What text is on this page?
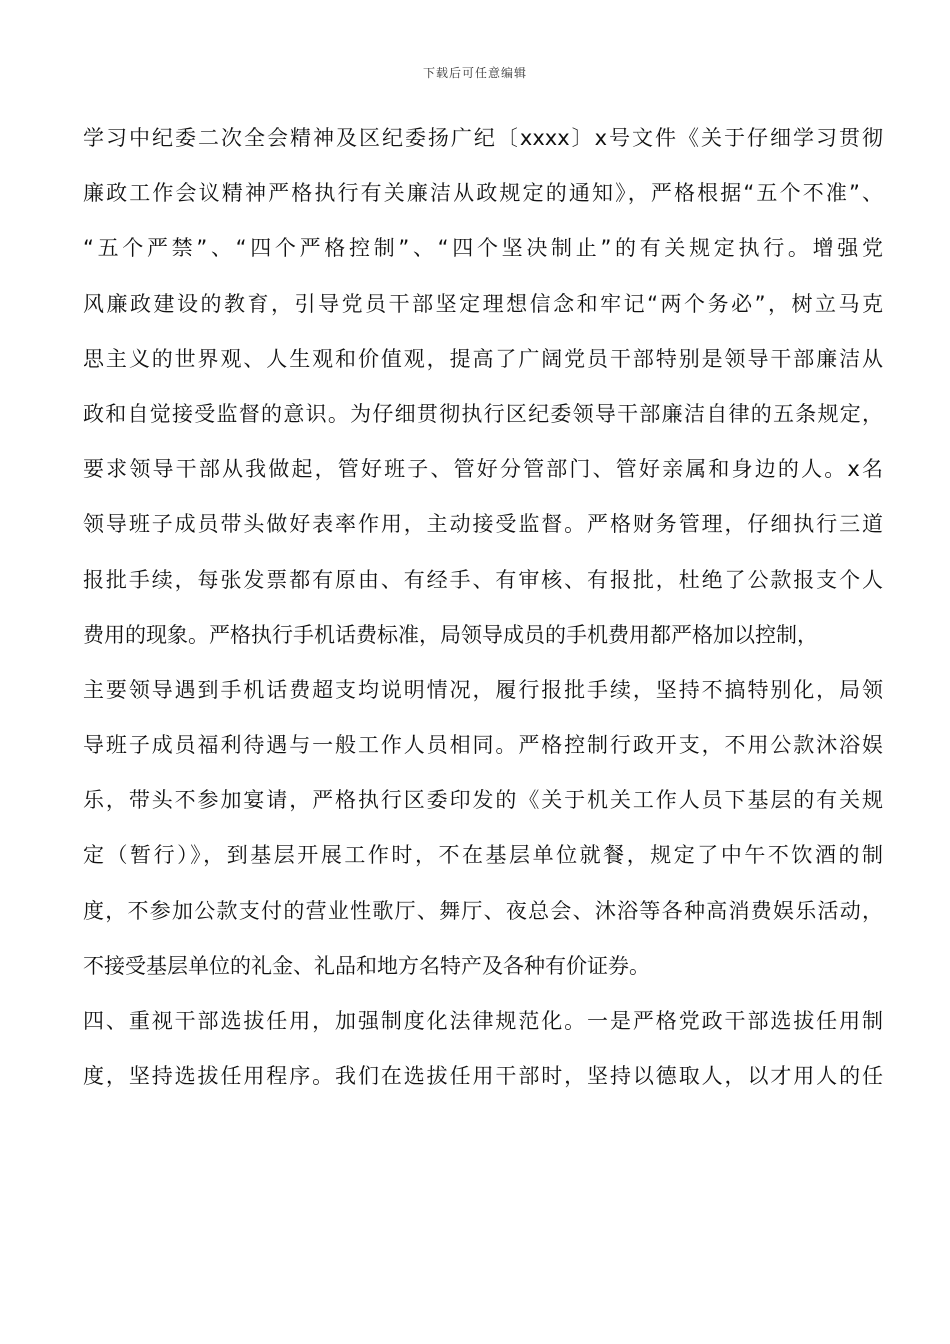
下载后可任意编辑
学习中纪委二次全会精神及区纪委扬广纪〔xxxx〕x号文件《关于仔细学习贯彻
廉政工作会议精神严格执行有关廉洁从政规定的通知》，严格根据“五个不准”、
“五个严禁”、“四个严格控制”、“四个坚决制止”的有关规定执行。增强党
风廉政建设的教育，引导党员干部坚定理想信念和牢记“两个务必”，树立马克
思主义的世界观、人生观和价值观，提高了广阔党员干部特别是领导干部廉洁从
政和自觉接受监督的意识。为仔细贯彻执行区纪委领导干部廉洁自律的五条规定，
要求领导干部从我做起，管好班子、管好分管部门、管好亲属和身边的人。x名
领导班子成员带头做好表率作用，主动接受监督。严格财务管理，仔细执行三道
报批手续，每张发票都有原由、有经手、有审核、有报批，杜绝了公款报支个人
费用的现象。严格执行手机话费标准，局领导成员的手机费用都严格加以控制，
主要领导遇到手机话费超支均说明情况，履行报批手续，坚持不搞特别化，局领
导班子成员福利待遇与一般工作人员相同。严格控制行政开支，不用公款沐浴娱
乐，带头不参加宴请，严格执行区委印发的《关于机关工作人员下基层的有关规
定（暂行）》，到基层开展工作时，不在基层单位就餐，规定了中午不饮酒的制
度，不参加公款支付的营业性歌厅、舞厅、夜总会、沐浴等各种高消费娱乐活动，
不接受基层单位的礼金、礼品和地方名特产及各种有价证券。
四、重视干部选拔任用，加强制度化法律规范化。一是严格党政干部选拔任用制
度，坚持选拔任用程序。我们在选拔任用干部时，坚持以德取人，以才用人的任
